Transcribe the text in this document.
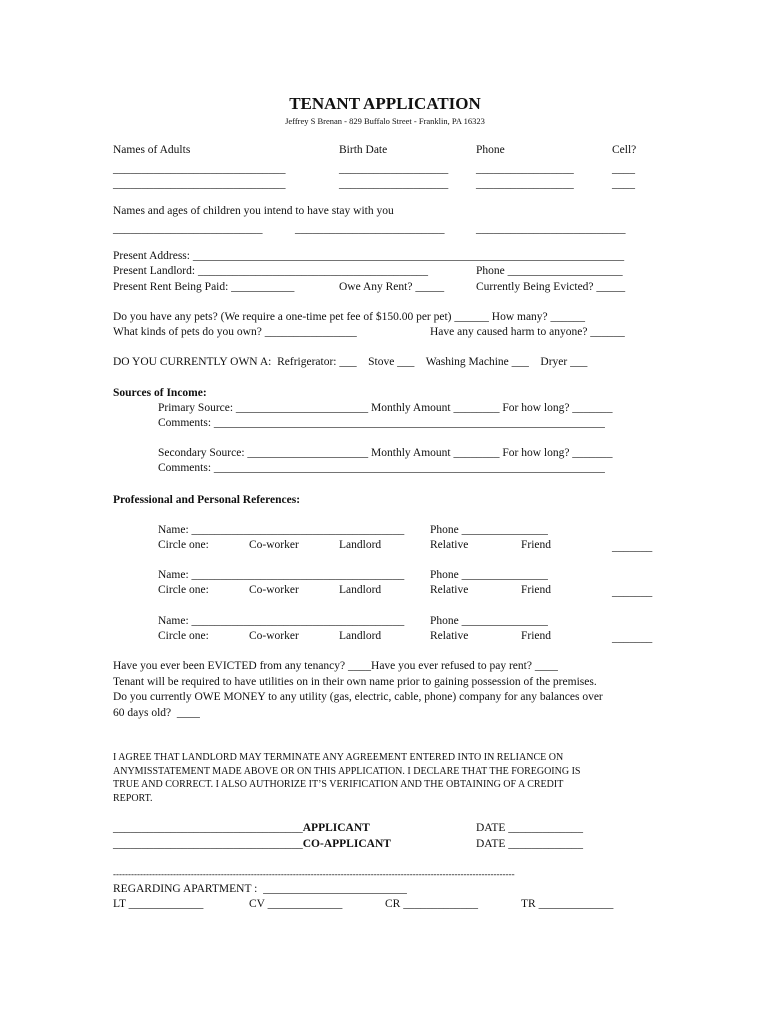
TENANT APPLICATION
Jeffrey S Brenan - 829 Buffalo Street - Franklin, PA 16323
Names of Adults	Birth Date	Phone	Cell?
______________________________	___________________ _________________	____
______________________________	___________________ _________________	____
Names and ages of children you intend to have stay with you
__________________________	__________________________	__________________________
Present Address: ___________________________________________________________________________
Present Landlord: ________________________________________	Phone ____________________
Present Rent Being Paid: ___________	Owe Any Rent? _____	Currently Being Evicted? _____
Do you have any pets? (We require a one-time pet fee of $150.00 per pet) ______ How many? ______
What kinds of pets do you own? ________________	Have any caused harm to anyone? ______
DO YOU CURRENTLY OWN A:  Refrigerator: ___    Stove ___    Washing Machine ___    Dryer ___
Sources of Income:
Primary Source: _______________________ Monthly Amount ________ For how long? _______
Comments: ____________________________________________________________________
Secondary Source: _____________________ Monthly Amount ________ For how long? _______
Comments: ____________________________________________________________________
Professional and Personal References:
Name: _____________________________________ Phone _______________
Circle one:	Co-worker	Landlord	Relative	Friend	_______
Name: _____________________________________ Phone _______________
Circle one:	Co-worker	Landlord	Relative	Friend	_______
Name: _____________________________________ Phone _______________
Circle one:	Co-worker	Landlord	Relative	Friend	_______
Have you ever been EVICTED from any tenancy? ____Have you ever refused to pay rent? ____
Tenant will be required to have utilities on in their own name prior to gaining possession of the premises.
Do you currently OWE MONEY to any utility (gas, electric, cable, phone) company for any balances over
60 days old?  ____
I AGREE THAT LANDLORD MAY TERMINATE ANY AGREEMENT ENTERED INTO IN RELIANCE ON
ANYMISSTATEMENT MADE ABOVE OR ON THIS APPLICATION. I DECLARE THAT THE FOREGOING IS
TRUE AND CORRECT. I ALSO AUTHORIZE IT’S VERIFICATION AND THE OBTAINING OF A CREDIT
REPORT.
_________________________________APPLICANT	DATE _____________
_________________________________CO-APPLICANT	DATE _____________
--------------------------------------------------------------------------------------------------------------------------------------
REGARDING APARTMENT :  _________________________
LT _____________	CV _____________	CR _____________	TR _____________
